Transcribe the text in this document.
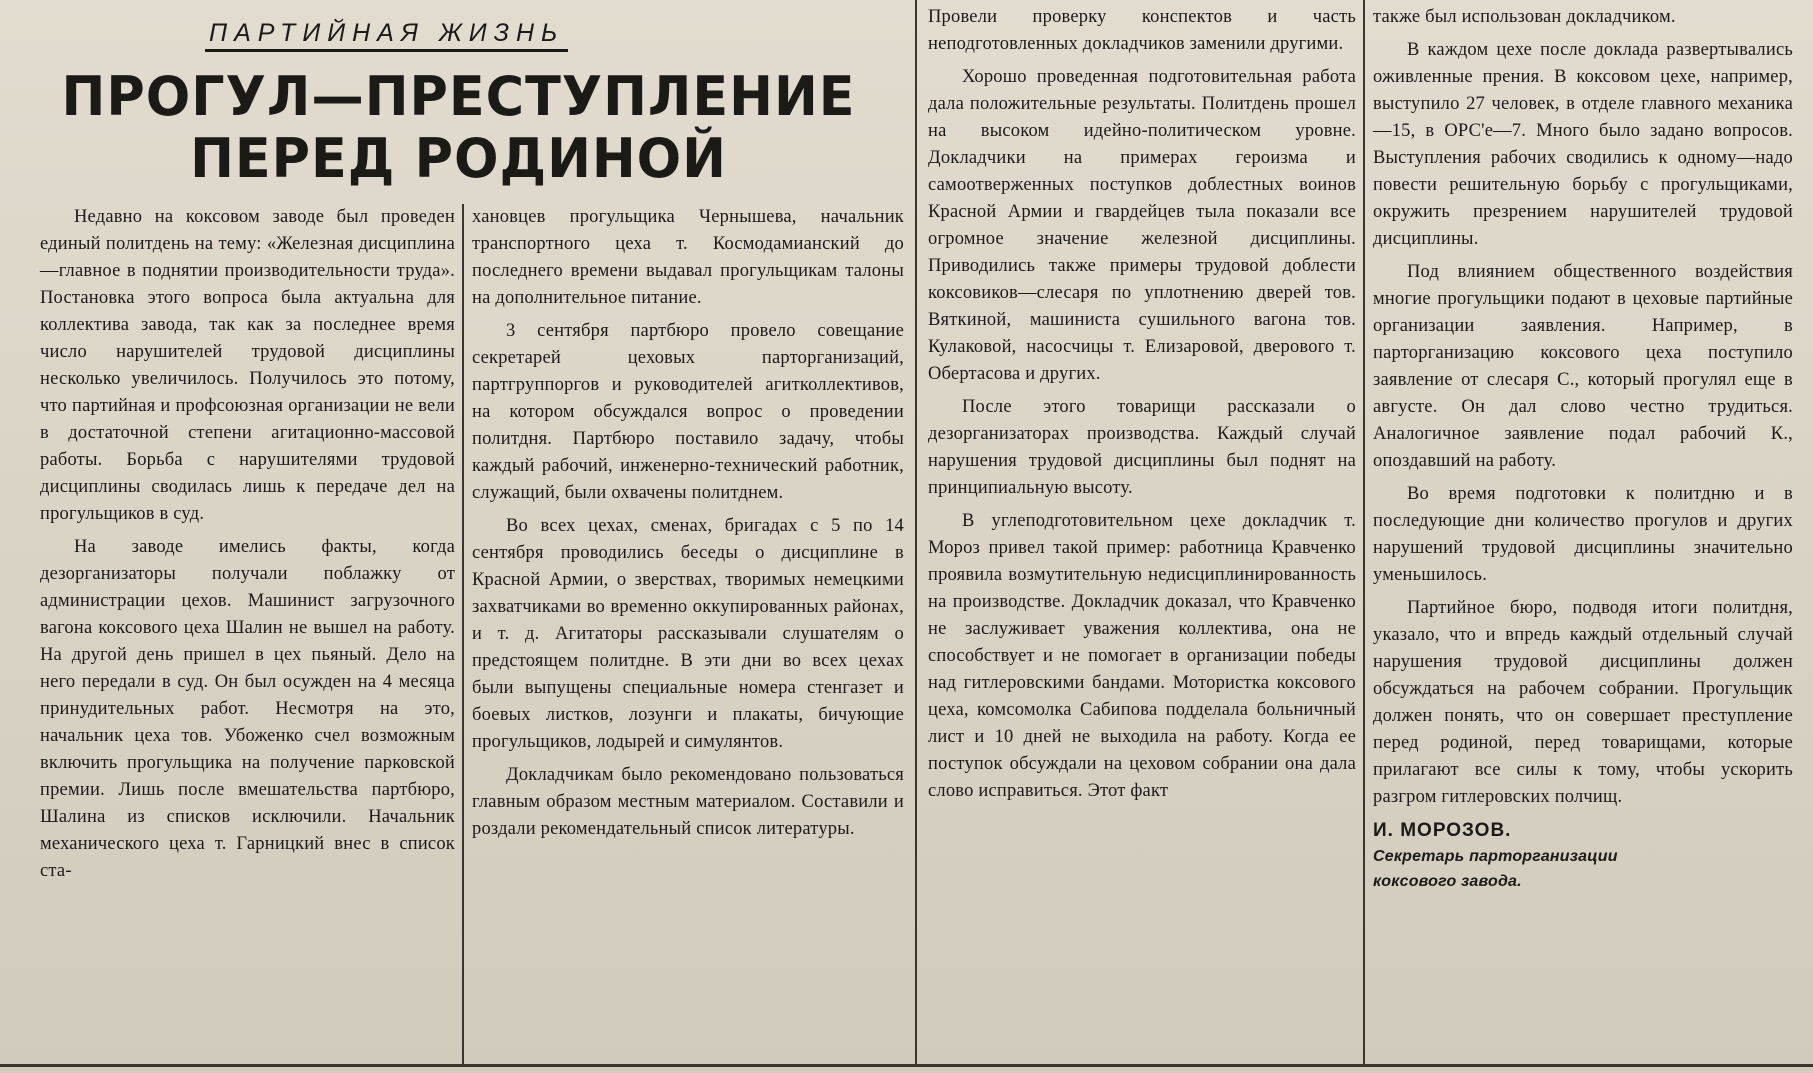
ПАРТИЙНАЯ ЖИЗНЬ
ПРОГУЛ—ПРЕСТУПЛЕНИЕ
ПЕРЕД РОДИНОЙ

Недавно на коксовом заводе был проведен единый политдень на тему: «Железная дисциплина—главное в поднятии производительности труда». Постановка этого вопроса была актуальна для коллектива завода, так как за последнее время число нарушителей трудовой дисциплины несколько увеличилось. Получилось это потому, что партийная и профсоюзная организации не вели в достаточной степени агитационно-массовой работы. Борьба с нарушителями трудовой дисциплины сводилась лишь к передаче дел на прогульщиков в суд.

На заводе имелись факты, когда дезорганизаторы получали поблажку от администрации цехов. Машинист загрузочного вагона коксового цеха Шалин не вышел на работу. На другой день пришел в цех пьяный. Дело на него передали в суд. Он был осужден на 4 месяца принудительных работ. Несмотря на это, начальник цеха тов. Убоженко счел возможным включить прогульщика на получение парковской премии. Лишь после вмешательства партбюро, Шалина из списков исключили. Начальник механического цеха т. Гарницкий внес в список ста-

хановцев прогульщика Чернышева, начальник транспортного цеха т. Космодамианский до последнего времени выдавал прогульщикам талоны на дополнительное питание.

3 сентября партбюро провело совещание секретарей цеховых парторганизаций, партгруппоргов и руководителей агитколлективов, на котором обсуждался вопрос о проведении политдня. Партбюро поставило задачу, чтобы каждый рабочий, инженерно-технический работник, служащий, были охвачены политднем.

Во всех цехах, сменах, бригадах с 5 по 14 сентября проводились беседы о дисциплине в Красной Армии, о зверствах, творимых немецкими захватчиками во временно оккупированных районах, и т. д. Агитаторы рассказывали слушателям о предстоящем политдне. В эти дни во всех цехах были выпущены специальные номера стенгазет и боевых листков, лозунги и плакаты, бичующие прогульщиков, лодырей и симулянтов.

Докладчикам было рекомендовано пользоваться главным образом местным материалом. Составили и роздали рекомендательный список литературы.

Провели проверку конспектов и часть неподготовленных докладчиков заменили другими.

Хорошо проведенная подготовительная работа дала положительные результаты. Политдень прошел на высоком идейно-политическом уровне. Докладчики на примерах героизма и самоотверженных поступков доблестных воинов Красной Армии и гвардейцев тыла показали все огромное значение железной дисциплины. Приводились также примеры трудовой доблести коксовиков—слесаря по уплотнению дверей тов. Вяткиной, машиниста сушильного вагона тов. Кулаковой, насосчицы т. Елизаровой, дверового т. Обертасова и других.

После этого товарищи рассказали о дезорганизаторах производства. Каждый случай нарушения трудовой дисциплины был поднят на принципиальную высоту.

В углеподготовительном цехе докладчик т. Мороз привел такой пример: работница Кравченко проявила возмутительную недисциплинированность на производстве. Докладчик доказал, что Кравченко не заслуживает уважения коллектива, она не способствует и не помогает в организации победы над гитлеровскими бандами. Мотористка коксового цеха, комсомолка Сабипова подделала больничный лист и 10 дней не выходила на работу. Когда ее поступок обсуждали на цеховом собрании она дала слово исправиться. Этот факт

также был использован докладчиком.

В каждом цехе после доклада развертывались оживленные прения. В коксовом цехе, например, выступило 27 человек, в отделе главного механика—15, в ОРС'е—7. Много было задано вопросов. Выступления рабочих сводились к одному—надо повести решительную борьбу с прогульщиками, окружить презрением нарушителей трудовой дисциплины.

Под влиянием общественного воздействия многие прогульщики подают в цеховые партийные организации заявления. Например, в парторганизацию коксового цеха поступило заявление от слесаря С., который прогулял еще в августе. Он дал слово честно трудиться. Аналогичное заявление подал рабочий К., опоздавший на работу.

Во время подготовки к политдню и в последующие дни количество прогулов и других нарушений трудовой дисциплины значительно уменьшилось.

Партийное бюро, подводя итоги политдня, указало, что и впредь каждый отдельный случай нарушения трудовой дисциплины должен обсуждаться на рабочем собрании. Прогульщик должен понять, что он совершает преступление перед родиной, перед товарищами, которые прилагают все силы к тому, чтобы ускорить разгром гитлеровских полчищ.

И. МОРОЗОВ.
Секретарь парторганизации
коксового завода.
